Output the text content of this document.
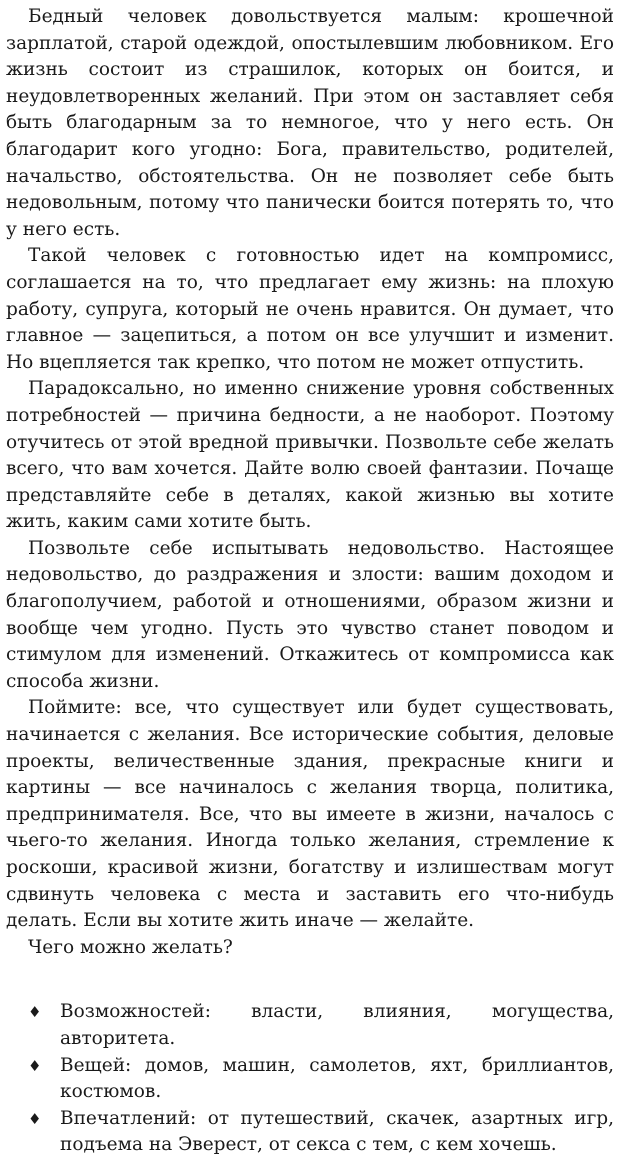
Бедный человек довольствуется малым: крошечной зарплатой, старой одеждой, опостылевшим любовником. Его жизнь состоит из страшилок, которых он боится, и неудовлетворенных желаний. При этом он заставляет себя быть благодарным за то немногое, что у него есть. Он благодарит кого угодно: Бога, правительство, родителей, начальство, обстоятельства. Он не позволяет себе быть недовольным, потому что панически боится потерять то, что у него есть.

Такой человек с готовностью идет на компромисс, соглашается на то, что предлагает ему жизнь: на плохую работу, супруга, который не очень нравится. Он думает, что главное — зацепиться, а потом он все улучшит и изменит. Но вцепляется так крепко, что потом не может отпустить.

Парадоксально, но именно снижение уровня собственных потребностей — причина бедности, а не наоборот. Поэтому отучитесь от этой вредной привычки. Позвольте себе желать всего, что вам хочется. Дайте волю своей фантазии. Почаще представляйте себе в деталях, какой жизнью вы хотите жить, каким сами хотите быть.

Позвольте себе испытывать недовольство. Настоящее недовольство, до раздражения и злости: вашим доходом и благополучием, работой и отношениями, образом жизни и вообще чем угодно. Пусть это чувство станет поводом и стимулом для изменений. Откажитесь от компромисса как способа жизни.

Поймите: все, что существует или будет существовать, начинается с желания. Все исторические события, деловые проекты, величественные здания, прекрасные книги и картины — все начиналось с желания творца, политика, предпринимателя. Все, что вы имеете в жизни, началось с чьего-то желания. Иногда только желания, стремление к роскоши, красивой жизни, богатству и излишествам могут сдвинуть человека с места и заставить его что-нибудь делать. Если вы хотите жить иначе — желайте.

Чего можно желать?

♦ Возможностей: власти, влияния, могущества, авторитета.
♦ Вещей: домов, машин, самолетов, яхт, бриллиантов, костюмов.
♦ Впечатлений: от путешествий, скачек, азартных игр, подъема на Эверест, от секса с тем, с кем хочешь.
